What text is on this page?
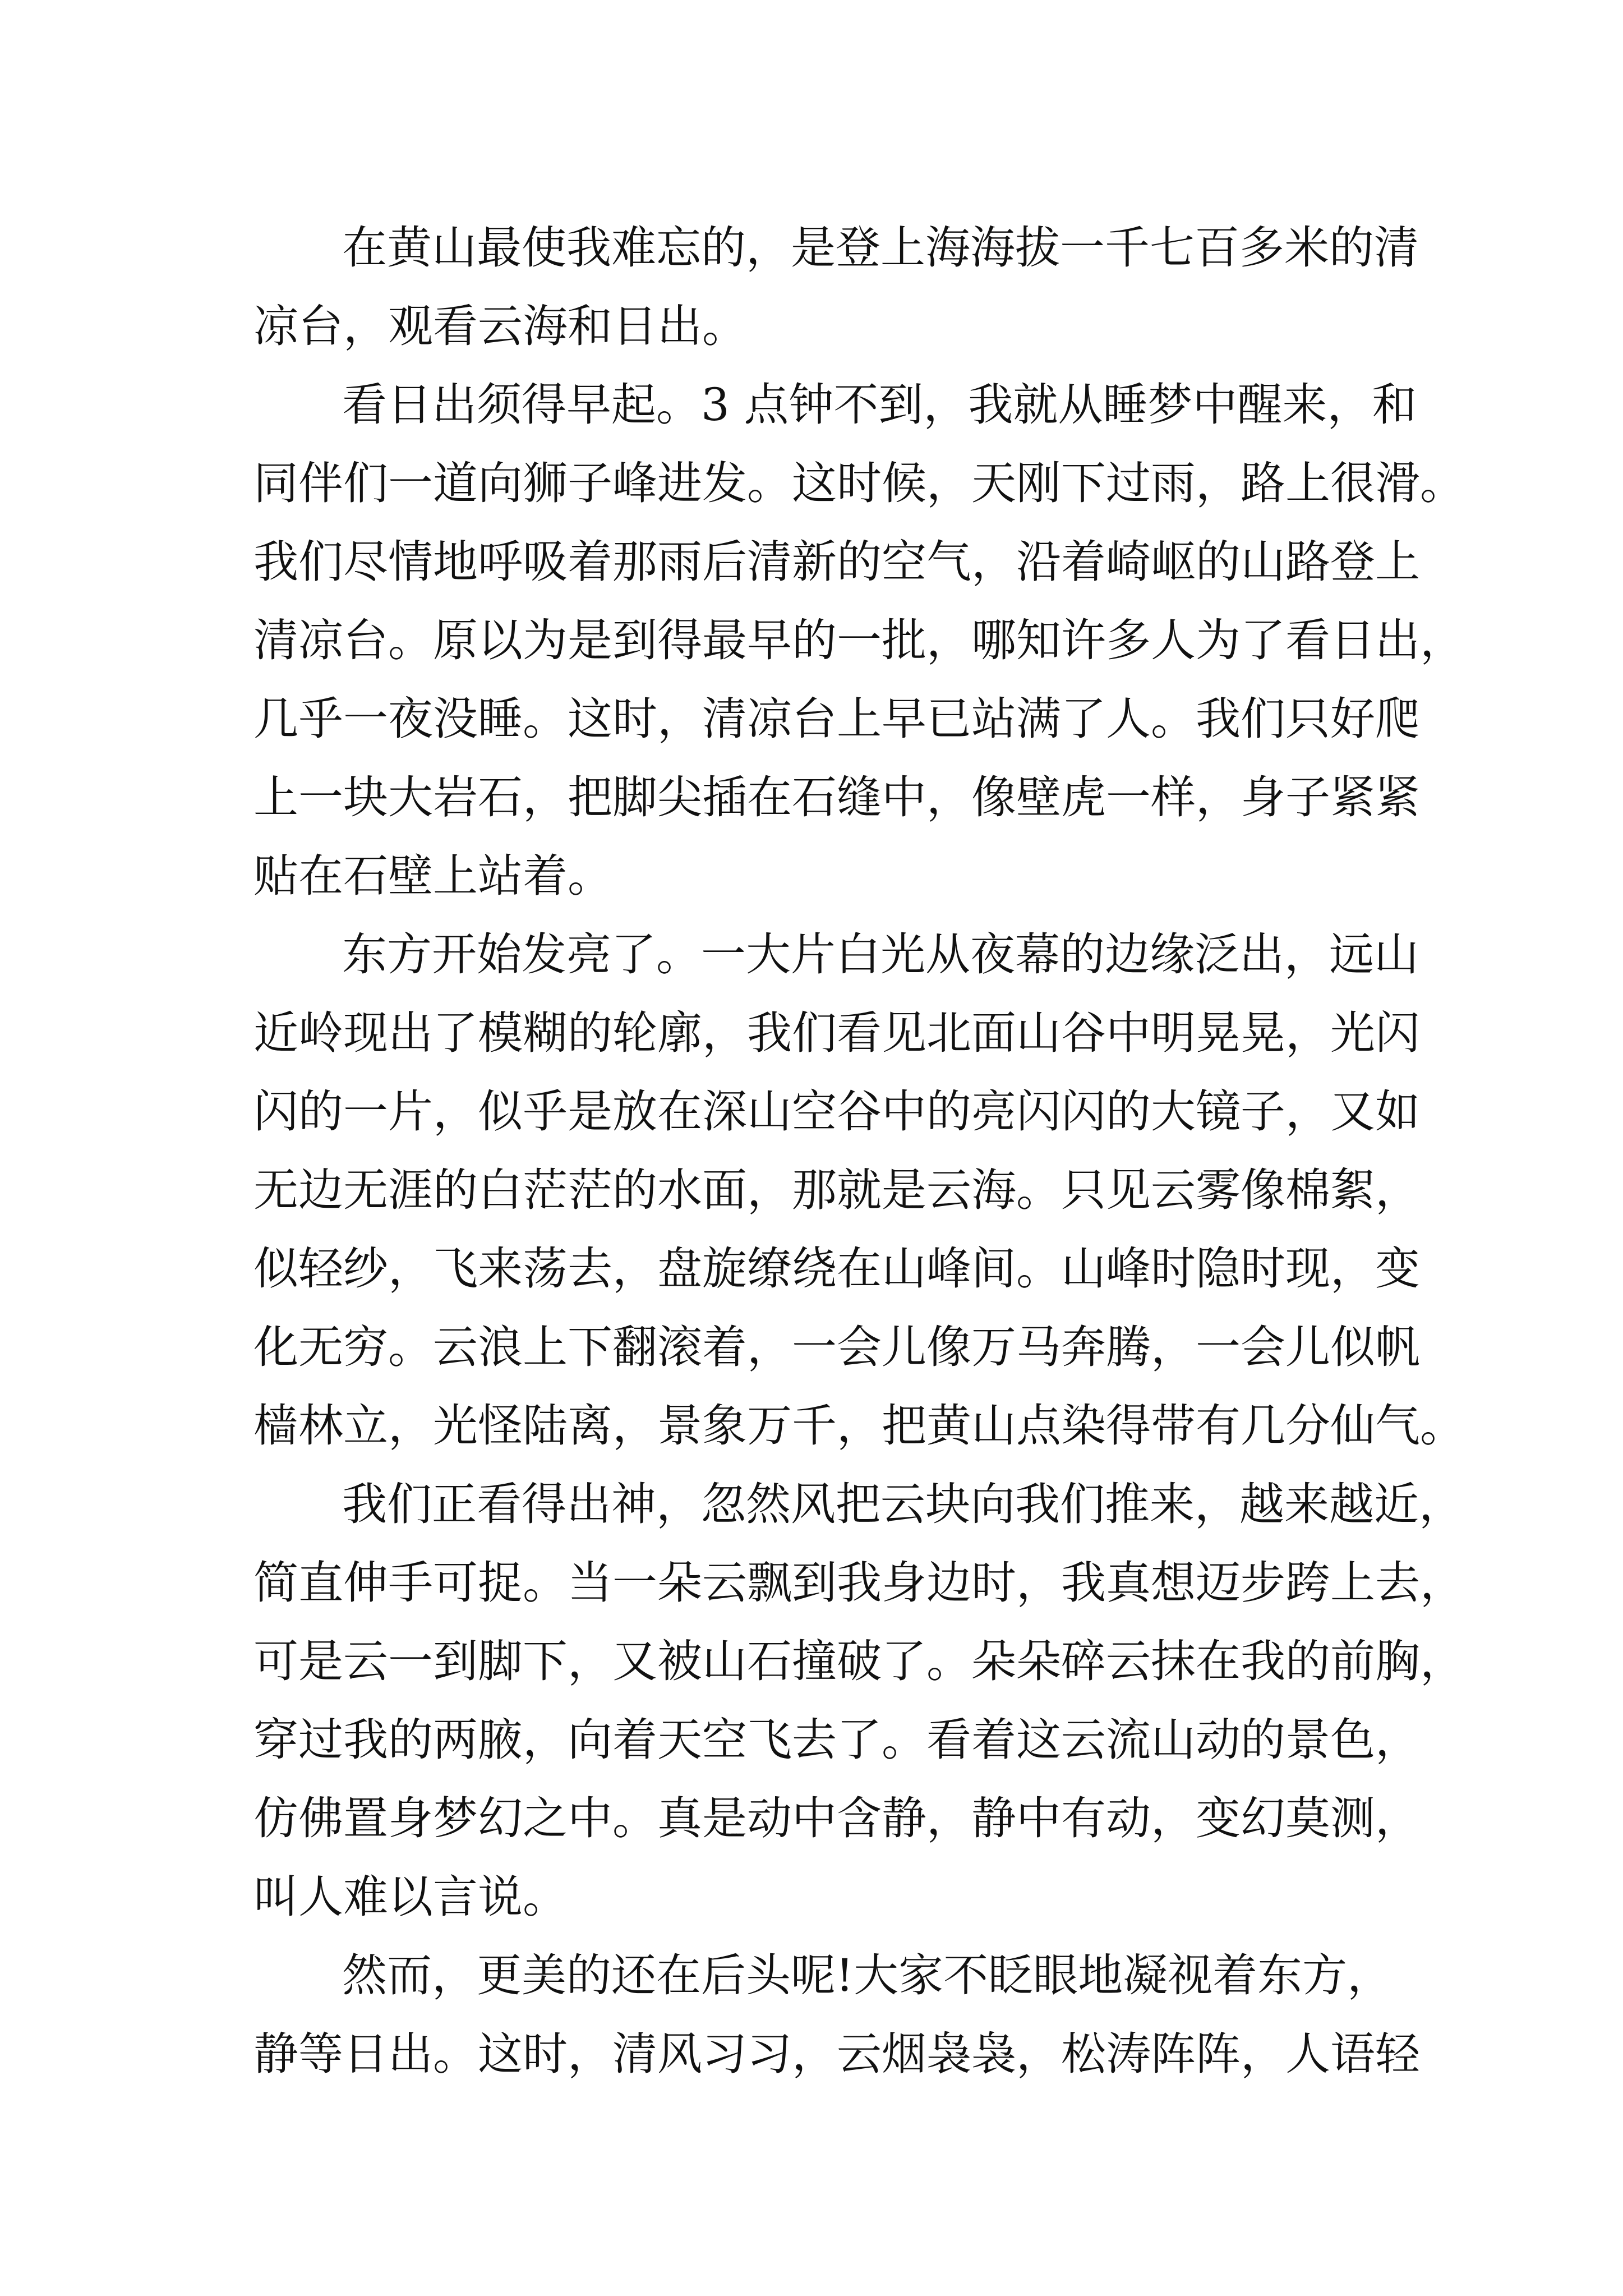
在黄山最使我难忘的，是登上海海拔一千七百多米的清
凉台，观看云海和日出。
看日出须得早起。3 点钟不到，我就从睡梦中醒来，和
同伴们一道向狮子峰进发。这时候，天刚下过雨，路上很滑。
我们尽情地呼吸着那雨后清新的空气，沿着崎岖的山路登上
清凉台。原以为是到得最早的一批，哪知许多人为了看日出，
几乎一夜没睡。这时，清凉台上早已站满了人。我们只好爬
上一块大岩石，把脚尖插在石缝中，像壁虎一样，身子紧紧
贴在石壁上站着。
东方开始发亮了。一大片白光从夜幕的边缘泛出，远山
近岭现出了模糊的轮廓，我们看见北面山谷中明晃晃，光闪
闪的一片，似乎是放在深山空谷中的亮闪闪的大镜子，又如
无边无涯的白茫茫的水面，那就是云海。只见云雾像棉絮，
似轻纱，飞来荡去，盘旋缭绕在山峰间。山峰时隐时现，变
化无穷。云浪上下翻滚着，一会儿像万马奔腾，一会儿似帆
樯林立，光怪陆离，景象万千，把黄山点染得带有几分仙气。
我们正看得出神，忽然风把云块向我们推来，越来越近，
简直伸手可捉。当一朵云飘到我身边时，我真想迈步跨上去，
可是云一到脚下，又被山石撞破了。朵朵碎云抹在我的前胸，
穿过我的两腋，向着天空飞去了。看着这云流山动的景色，
仿佛置身梦幻之中。真是动中含静，静中有动，变幻莫测，
叫人难以言说。
然而，更美的还在后头呢!大家不眨眼地凝视着东方，
静等日出。这时，清风习习，云烟袅袅，松涛阵阵，人语轻
